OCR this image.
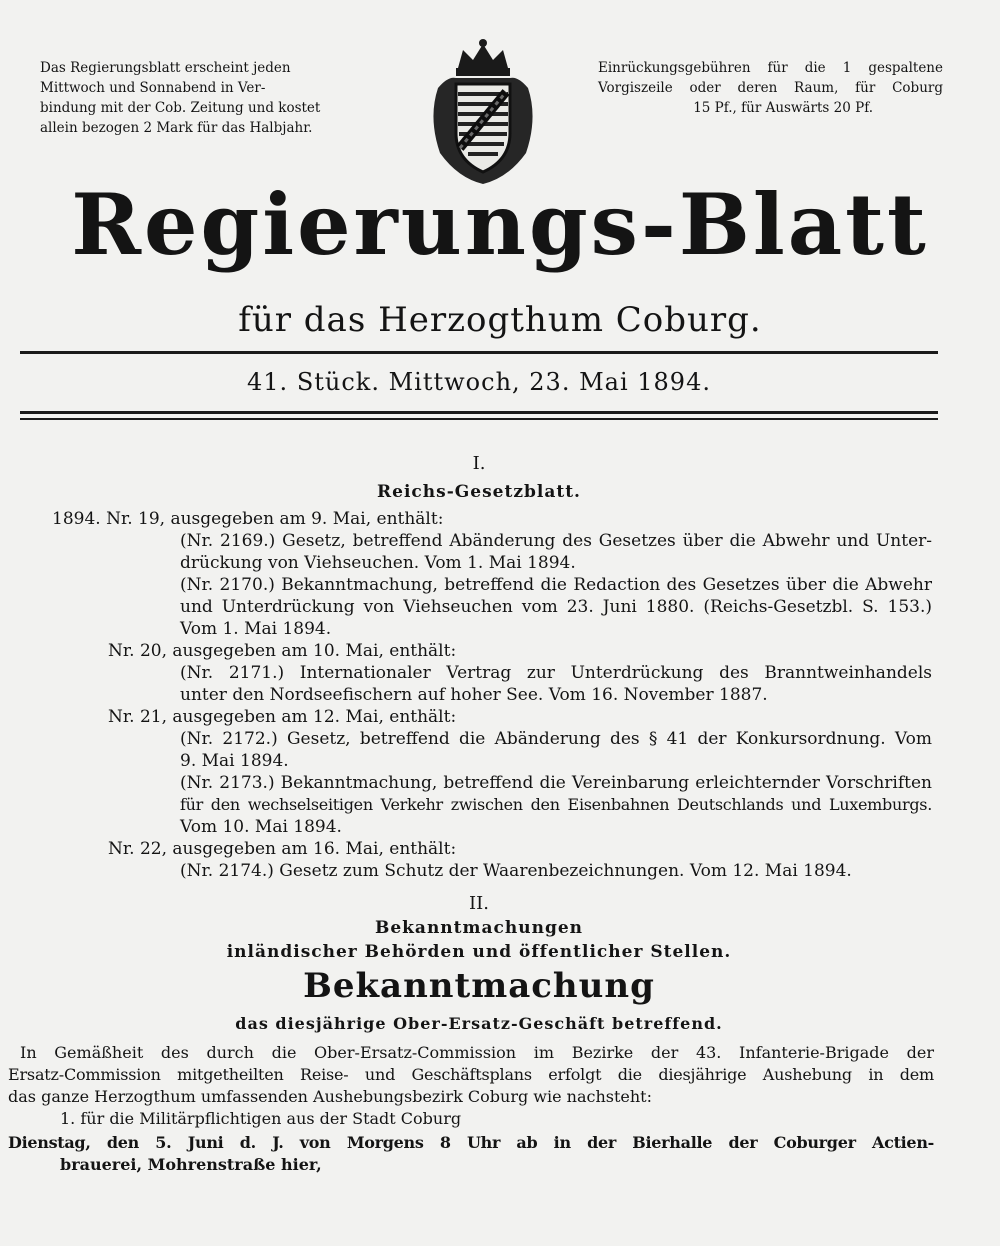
Das Regierungsblatt erscheint jeden
Mittwoch und Sonnabend in Ver-
bindung mit der Cob. Zeitung und kostet
allein bezogen 2 Mark für das Halbjahr.
Einrückungsgebühren für die 1 gespaltene
Vorgiszeile oder deren Raum, für Coburg
15 Pf., für Auswärts 20 Pf.
Regierungs-Blatt
für das Herzogthum Coburg.
41. Stück. Mittwoch, 23. Mai 1894.
I.
Reichs-Gesetzblatt.
1894. Nr. 19, ausgegeben am 9. Mai, enthält:
(Nr. 2169.) Gesetz, betreffend Abänderung des Gesetzes über die Abwehr und Unter-
drückung von Viehseuchen. Vom 1. Mai 1894.
(Nr. 2170.) Bekanntmachung, betreffend die Redaction des Gesetzes über die Abwehr
und Unterdrückung von Viehseuchen vom 23. Juni 1880. (Reichs-Gesetzbl. S. 153.)
Vom 1. Mai 1894.
Nr. 20, ausgegeben am 10. Mai, enthält:
(Nr. 2171.) Internationaler Vertrag zur Unterdrückung des Branntweinhandels
unter den Nordseefischern auf hoher See. Vom 16. November 1887.
Nr. 21, ausgegeben am 12. Mai, enthält:
(Nr. 2172.) Gesetz, betreffend die Abänderung des § 41 der Konkursordnung. Vom
9. Mai 1894.
(Nr. 2173.) Bekanntmachung, betreffend die Vereinbarung erleichternder Vorschriften
für den wechselseitigen Verkehr zwischen den Eisenbahnen Deutschlands und Luxemburgs.
Vom 10. Mai 1894.
Nr. 22, ausgegeben am 16. Mai, enthält:
(Nr. 2174.) Gesetz zum Schutz der Waarenbezeichnungen. Vom 12. Mai 1894.
II.
Bekanntmachungen
inländischer Behörden und öffentlicher Stellen.
Bekanntmachung
das diesjährige Ober-Ersatz-Geschäft betreffend.
In Gemäßheit des durch die Ober-Ersatz-Commission im Bezirke der 43. Infanterie-Brigade der
Ersatz-Commission mitgetheilten Reise- und Geschäftsplans erfolgt die diesjährige Aushebung in dem
das ganze Herzogthum umfassenden Aushebungsbezirk Coburg wie nachsteht:
1. für die Militärpflichtigen aus der Stadt Coburg
Dienstag, den 5. Juni d. J. von Morgens 8 Uhr ab in der Bierhalle der Coburger Actien-
brauerei, Mohrenstraße hier,
